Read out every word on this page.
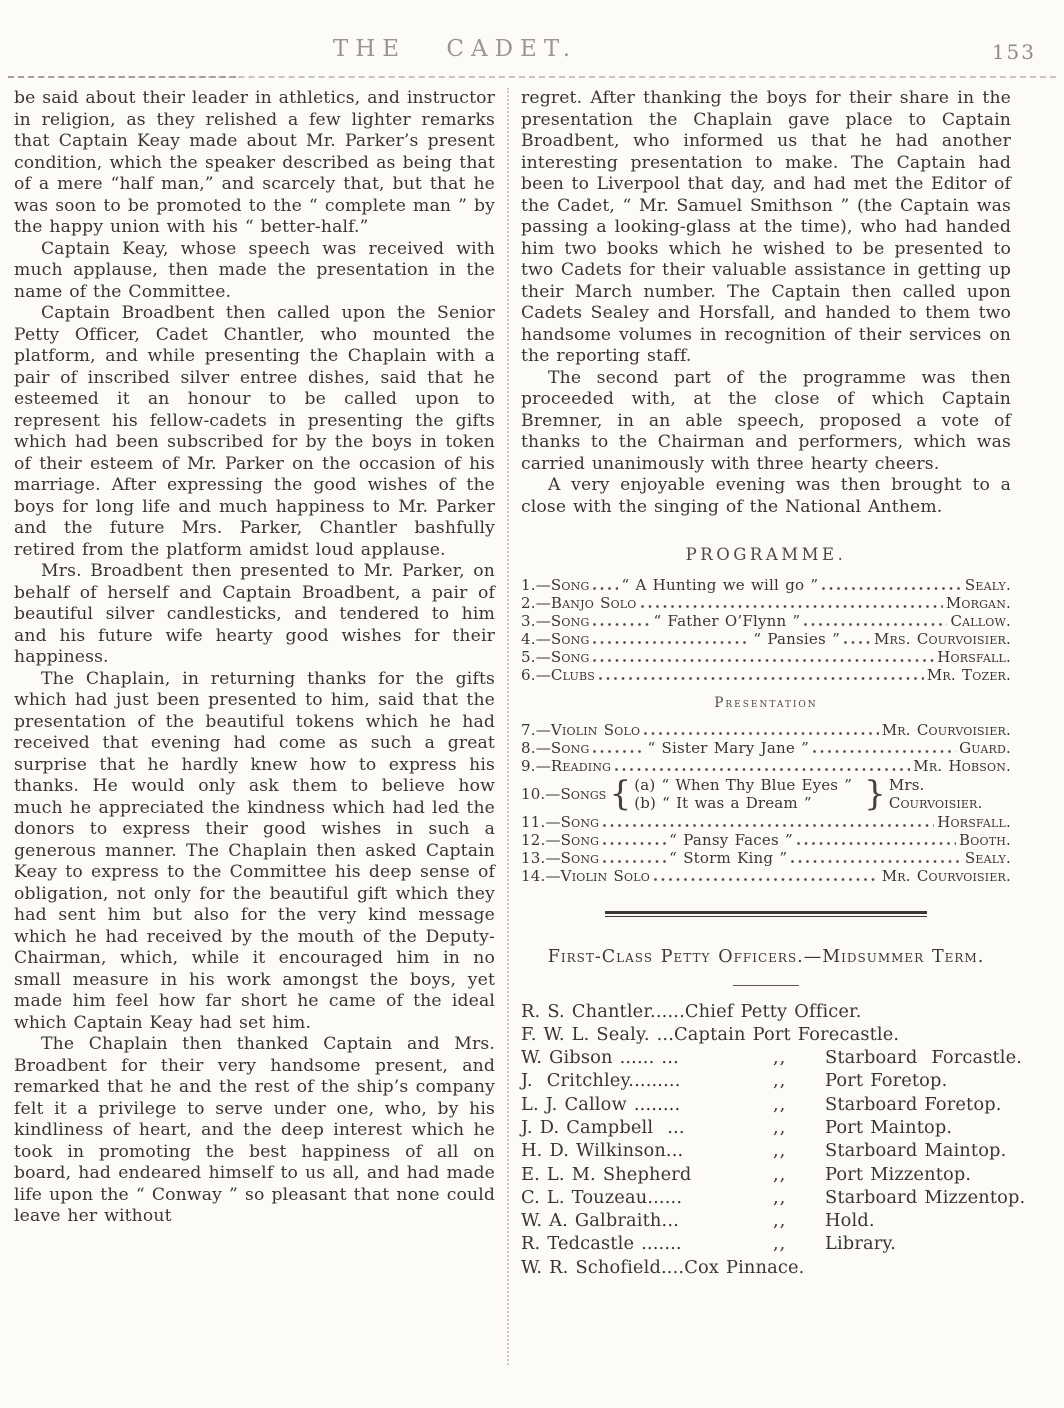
THE CADET.	153

be said about their leader in athletics, and instructor in religion, as they relished a few lighter remarks that Captain Keay made about Mr. Parker’s present condition, which the speaker described as being that of a mere “half man,” and scarcely that, but that he was soon to be promoted to the “ complete man ” by the happy union with his “ better-half.”

Captain Keay, whose speech was received with much applause, then made the presentation in the name of the Committee.

Captain Broadbent then called upon the Senior Petty Officer, Cadet Chantler, who mounted the platform, and while presenting the Chaplain with a pair of inscribed silver entree dishes, said that he esteemed it an honour to be called upon to represent his fellow-cadets in presenting the gifts which had been subscribed for by the boys in token of their esteem of Mr. Parker on the occasion of his marriage. After expressing the good wishes of the boys for long life and much happiness to Mr. Parker and the future Mrs. Parker, Chantler bashfully retired from the platform amidst loud applause.

Mrs. Broadbent then presented to Mr. Parker, on behalf of herself and Captain Broadbent, a pair of beautiful silver candlesticks, and tendered to him and his future wife hearty good wishes for their happiness.

The Chaplain, in returning thanks for the gifts which had just been presented to him, said that the presentation of the beautiful tokens which he had received that evening had come as such a great surprise that he hardly knew how to express his thanks. He would only ask them to believe how much he appreciated the kindness which had led the donors to express their good wishes in such a generous manner. The Chaplain then asked Captain Keay to express to the Committee his deep sense of obligation, not only for the beautiful gift which they had sent him but also for the very kind message which he had received by the mouth of the Deputy-Chairman, which, while it encouraged him in no small measure in his work amongst the boys, yet made him feel how far short he came of the ideal which Captain Keay had set him.

The Chaplain then thanked Captain and Mrs. Broadbent for their very handsome present, and remarked that he and the rest of the ship’s company felt it a privilege to serve under one, who, by his kindliness of heart, and the deep interest which he took in promoting the best happiness of all on board, had endeared himself to us all, and had made life upon the “ Conway ” so pleasant that none could leave her without

regret. After thanking the boys for their share in the presentation the Chaplain gave place to Captain Broadbent, who informed us that he had another interesting presentation to make. The Captain had been to Liverpool that day, and had met the Editor of the Cadet, “ Mr. Samuel Smithson ” (the Captain was passing a looking-glass at the time), who had handed him two books which he wished to be presented to two Cadets for their valuable assistance in getting up their March number. The Captain then called upon Cadets Sealey and Horsfall, and handed to them two handsome volumes in recognition of their services on the reporting staff.

The second part of the programme was then proceeded with, at the close of which Captain Bremner, in an able speech, proposed a vote of thanks to the Chairman and performers, which was carried unanimously with three hearty cheers.

A very enjoyable evening was then brought to a close with the singing of the National Anthem.

PROGRAMME.
1.— Song “ A Hunting we will go ”	Sealy.
2.— Banjo Solo	Morgan.
3.— Song	“ Father O’Flynn ”	Callow.
4.— Song	“ Pansies ” Mrs. Courvoisier.
5.— Song	Horsfall.
6.— Clubs	Mr. Tozer.
Presentation
7.— Violin Solo	Mr. Courvoisier.
8.— Song	“ Sister Mary Jane ”	Guard.
9.— Reading	Mr. Hobson.
10.— Songs { (a) “ When Thy Blue Eyes ”
(b) “ It was a Dream ”	} Mrs.
Courvoisier.
11.— Song	Horsfall.
12.— Song	“ Pansy Faces ”	Booth.
13.— Song	“ Storm King ”	Sealy.
14.— Violin Solo	Mr. Courvoisier.
First-Class Petty Officers.—Midsummer Term.
R. S. Chantler...... Chief Petty Officer.
F. W. L. Sealy. ... Captain Port Forecastle.
W. Gibson ...... ...	,,	Starboard  Forcastle.
J.  Critchley.........	,,	Port Foretop.
L. J. Callow ........	,,	Starboard Foretop.
J. D. Campbell  ...	,,	Port Maintop.
H. D. Wilkinson...	,,	Starboard Maintop.
E. L. M. Shepherd	,,	Port Mizzentop.
C. L. Touzeau......	,,	Starboard Mizzentop.
W. A. Galbraith...	,,	Hold.
R. Tedcastle .......	,,	Library.
W. R. Schofield.... Cox Pinnace.
